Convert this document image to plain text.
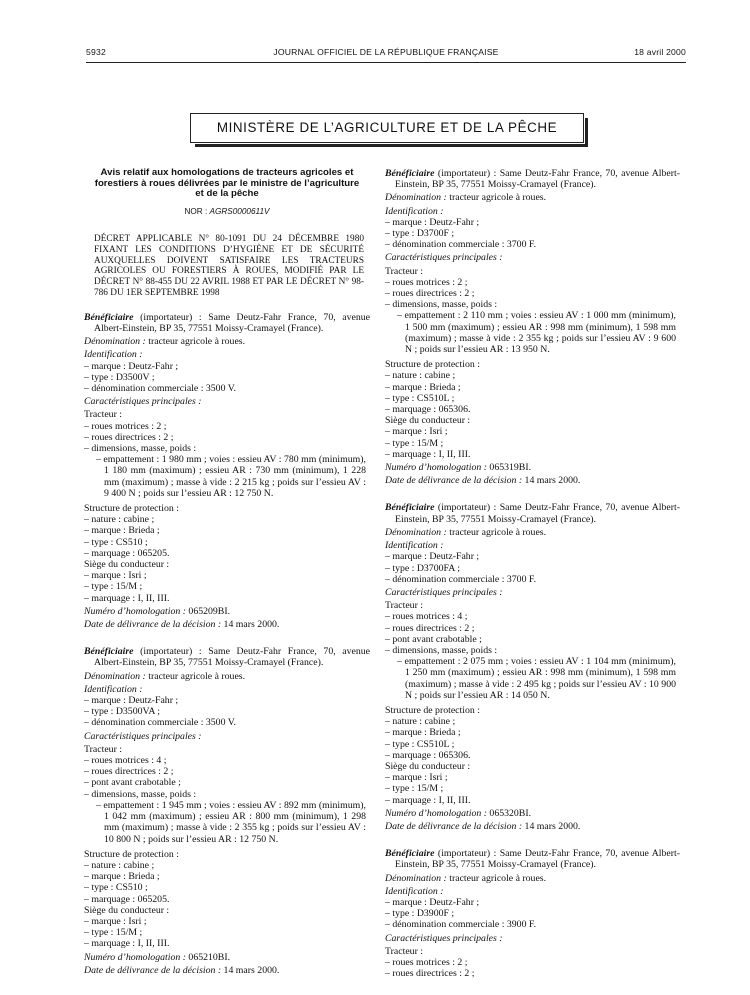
5932	JOURNAL OFFICIEL DE LA RÉPUBLIQUE FRANÇAISE	18 avril 2000
MINISTÈRE DE L’AGRICULTURE ET DE LA PÊCHE
Avis relatif aux homologations de tracteurs agricoles et forestiers à roues délivrées par le ministre de l’agriculture et de la pêche
NOR : AGRS0000611V
DÉCRET APPLICABLE N° 80-1091 DU 24 DÉCEMBRE 1980 FIXANT LES CONDITIONS D’HYGIÈNE ET DE SÉCURITÉ AUXQUELLES DOIVENT SATISFAIRE LES TRACTEURS AGRICOLES OU FORESTIERS À ROUES, MODIFIÉ PAR LE DÉCRET N° 88-455 DU 22 AVRIL 1988 ET PAR LE DÉCRET N° 98-786 DU 1ER SEPTEMBRE 1998
Bénéficiaire (importateur) : Same Deutz-Fahr France, 70, avenue Albert-Einstein, BP 35, 77551 Moissy-Cramayel (France).
Dénomination : tracteur agricole à roues.
Identification :
– marque : Deutz-Fahr ;
– type : D3500V ;
– dénomination commerciale : 3500 V.
Caractéristiques principales :
Tracteur :
– roues motrices : 2 ;
– roues directrices : 2 ;
– dimensions, masse, poids :
– empattement : 1 980 mm ; voies : essieu AV : 780 mm (minimum), 1 180 mm (maximum) ; essieu AR : 730 mm (minimum), 1 228 mm (maximum) ; masse à vide : 2 215 kg ; poids sur l’essieu AV : 9 400 N ; poids sur l’essieu AR : 12 750 N.
Structure de protection :
– nature : cabine ;
– marque : Brieda ;
– type : CS510 ;
– marquage : 065205.
Siège du conducteur :
– marque : Isri ;
– type : 15/M ;
– marquage : I, II, III.
Numéro d’homologation : 065209BI.
Date de délivrance de la décision : 14 mars 2000.
Bénéficiaire (importateur) : Same Deutz-Fahr France, 70, avenue Albert-Einstein, BP 35, 77551 Moissy-Cramayel (France).
Dénomination : tracteur agricole à roues.
Identification :
– marque : Deutz-Fahr ;
– type : D3500VA ;
– dénomination commerciale : 3500 V.
Caractéristiques principales :
Tracteur :
– roues motrices : 4 ;
– roues directrices : 2 ;
– pont avant crabotable ;
– dimensions, masse, poids :
– empattement : 1 945 mm ; voies : essieu AV : 892 mm (minimum), 1 042 mm (maximum) ; essieu AR : 800 mm (minimum), 1 298 mm (maximum) ; masse à vide : 2 355 kg ; poids sur l’essieu AV : 10 800 N ; poids sur l’essieu AR : 12 750 N.
Structure de protection :
– nature : cabine ;
– marque : Brieda ;
– type : CS510 ;
– marquage : 065205.
Siège du conducteur :
– marque : Isri ;
– type : 15/M ;
– marquage : I, II, III.
Numéro d’homologation : 065210BI.
Date de délivrance de la décision : 14 mars 2000.
Bénéficiaire (importateur) : Same Deutz-Fahr France, 70, avenue Albert-Einstein, BP 35, 77551 Moissy-Cramayel (France).
Dénomination : tracteur agricole à roues.
Identification :
– marque : Deutz-Fahr ;
– type : D3700F ;
– dénomination commerciale : 3700 F.
Caractéristiques principales :
Tracteur :
– roues motrices : 2 ;
– roues directrices : 2 ;
– dimensions, masse, poids :
– empattement : 2 110 mm ; voies : essieu AV : 1 000 mm (minimum), 1 500 mm (maximum) ; essieu AR : 998 mm (minimum), 1 598 mm (maximum) ; masse à vide : 2 355 kg ; poids sur l’essieu AV : 9 600 N ; poids sur l’essieu AR : 13 950 N.
Structure de protection :
– nature : cabine ;
– marque : Brieda ;
– type : CS510L ;
– marquage : 065306.
Siège du conducteur :
– marque : Isri ;
– type : 15/M ;
– marquage : I, II, III.
Numéro d’homologation : 065319BI.
Date de délivrance de la décision : 14 mars 2000.
Bénéficiaire (importateur) : Same Deutz-Fahr France, 70, avenue Albert-Einstein, BP 35, 77551 Moissy-Cramayel (France).
Dénomination : tracteur agricole à roues.
Identification :
– marque : Deutz-Fahr ;
– type : D3700FA ;
– dénomination commerciale : 3700 F.
Caractéristiques principales :
Tracteur :
– roues motrices : 4 ;
– roues directrices : 2 ;
– pont avant crabotable ;
– dimensions, masse, poids :
– empattement : 2 075 mm ; voies : essieu AV : 1 104 mm (minimum), 1 250 mm (maximum) ; essieu AR : 998 mm (minimum), 1 598 mm (maximum) ; masse à vide : 2 495 kg ; poids sur l’essieu AV : 10 900 N ; poids sur l’essieu AR : 14 050 N.
Structure de protection :
– nature : cabine ;
– marque : Brieda ;
– type : CS510L ;
– marquage : 065306.
Siège du conducteur :
– marque : Isri ;
– type : 15/M ;
– marquage : I, II, III.
Numéro d’homologation : 065320BI.
Date de délivrance de la décision : 14 mars 2000.
Bénéficiaire (importateur) : Same Deutz-Fahr France, 70, avenue Albert-Einstein, BP 35, 77551 Moissy-Cramayel (France).
Dénomination : tracteur agricole à roues.
Identification :
– marque : Deutz-Fahr ;
– type : D3900F ;
– dénomination commerciale : 3900 F.
Caractéristiques principales :
Tracteur :
– roues motrices : 2 ;
– roues directrices : 2 ;
